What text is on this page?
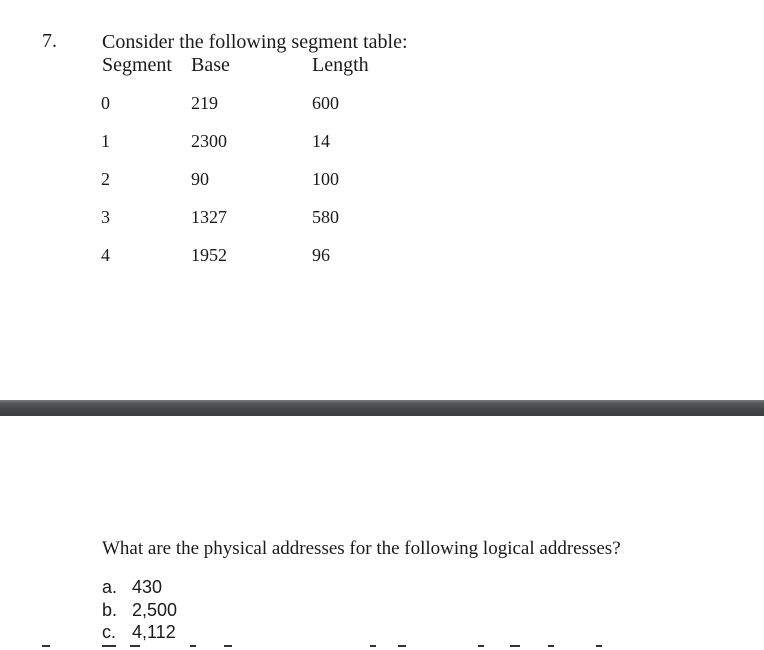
7. Consider the following segment table:
Segment Base	Length
0	219	600
1	2300	14
2	90	100
3	1327	580
4	1952	96
What are the physical addresses for the following logical addresses?
a. 430
b. 2,500
c. 4,112
